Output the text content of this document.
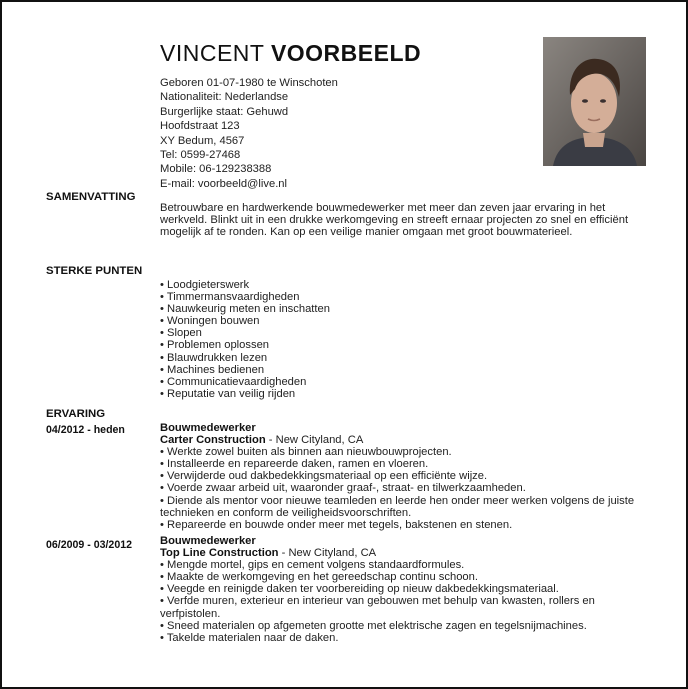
VINCENT VOORBEELD
Geboren 01-07-1980 te Winschoten
Nationaliteit: Nederlandse
Burgerlijke staat: Gehuwd
Hoofdstraat 123
XY Bedum, 4567
Tel: 0599-27468
Mobile: 06-129238388
E-mail: voorbeeld@live.nl
SAMENVATTING
Betrouwbare en hardwerkende bouwmedewerker met meer dan zeven jaar ervaring in het werkveld. Blinkt uit in een drukke werkomgeving en streeft ernaar projecten zo snel en efficiënt mogelijk af te ronden. Kan op een veilige manier omgaan met groot bouwmaterieel.
STERKE PUNTEN
• Loodgieterswerk
• Timmermansvaardigheden
• Nauwkeurig meten en inschatten
• Woningen bouwen
• Slopen
• Problemen oplossen
• Blauwdrukken lezen
• Machines bedienen
• Communicatievaardigheden
• Reputatie van veilig rijden
ERVARING
04/2012 - heden	Bouwmedewerker
Carter Construction - New Cityland, CA
• Werkte zowel buiten als binnen aan nieuwbouwprojecten.
• Installeerde en repareerde daken, ramen en vloeren.
• Verwijderde oud dakbedekkingsmateriaal op een efficiënte wijze.
• Voerde zwaar arbeid uit, waaronder graaf-, straat- en tilwerkzaamheden.
• Diende als mentor voor nieuwe teamleden en leerde hen onder meer werken volgens de juiste technieken en conform de veiligheidsvoorschriften.
• Repareerde en bouwde onder meer met tegels, bakstenen en stenen.
06/2009 - 03/2012 Bouwmedewerker
Top Line Construction - New Cityland, CA
• Mengde mortel, gips en cement volgens standaardformules.
• Maakte de werkomgeving en het gereedschap continu schoon.
• Veegde en reinigde daken ter voorbereiding op nieuw dakbedekkingsmateriaal.
• Verfde muren, exterieur en interieur van gebouwen met behulp van kwasten, rollers en verfpistolen.
• Sneed materialen op afgemeten grootte met elektrische zagen en tegelsnijmachines.
• Takelde materialen naar de daken.
